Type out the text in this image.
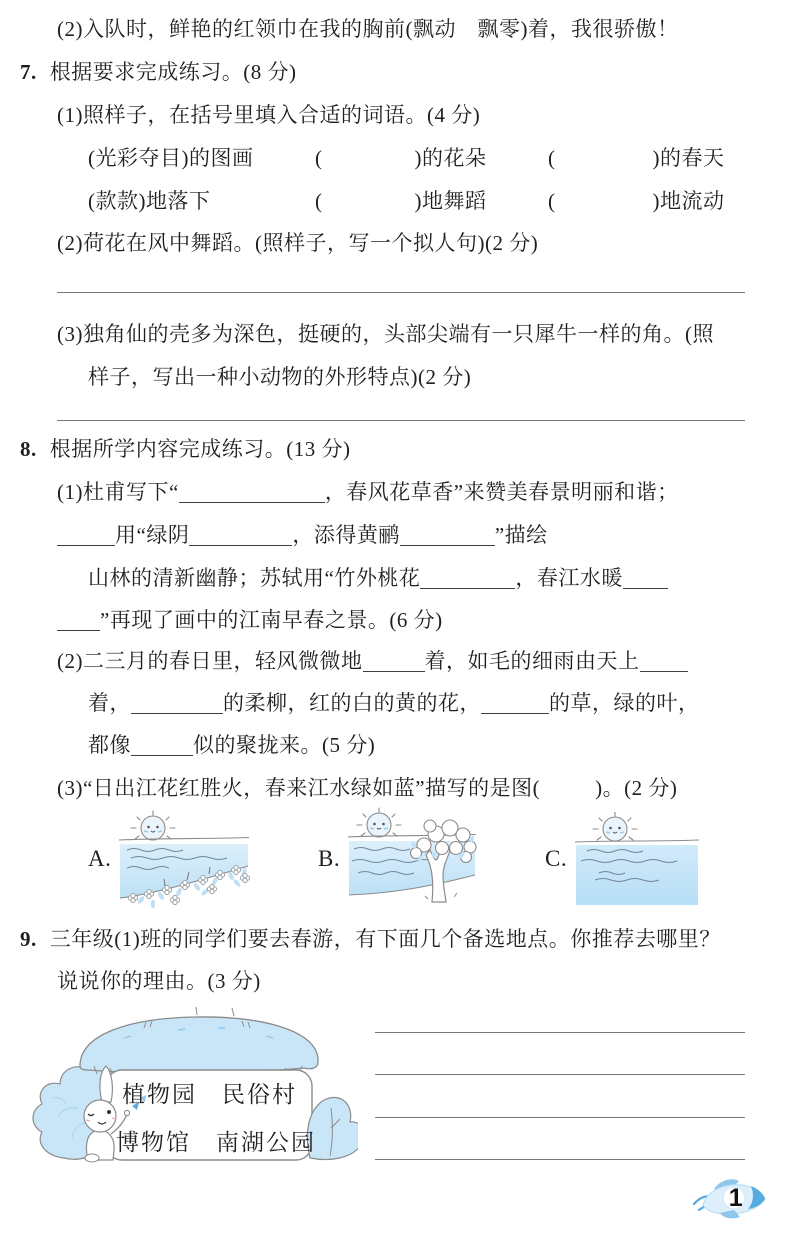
(2)入队时，鲜艳的红领巾在我的胸前(飘动　飘零)着，我很骄傲！
7. 根据要求完成练习。(8 分)
(1)照样子，在括号里填入合适的词语。(4 分)
(光彩夺目)的图画	(	)的花朵	(	)的春天
(款款)地落下	(	)地舞蹈	(	)地流动
(2)荷花在风中舞蹈。(照样子，写一个拟人句)(2 分)
(3)独角仙的壳多为深色，挺硬的，头部尖端有一只犀牛一样的角。(照
样子，写出一种小动物的外形特点)(2 分)
8. 根据所学内容完成练习。(13 分)
(1)杜甫写下“	，春风花草香”来赞美春景明丽和谐；
用“绿阴	，添得黄鹂	”描绘
山林的清新幽静；苏轼用“竹外桃花	，春江水暖
”再现了画中的江南早春之景。(6 分)
(2)二三月的春日里，轻风微微地	着，如毛的细雨由天上
着，	的柔柳，红的白的黄的花，	的草，绿的叶，
都像	似的聚拢来。(5 分)
(3)“日出江花红胜火，春来江水绿如蓝”描写的是图(	)。(2 分)
A.	B.	C.
9. 三年级(1)班的同学们要去春游，有下面几个备选地点。你推荐去哪里？
说说你的理由。(3 分)
植物园　民俗村
博物馆　南湖公园
1
